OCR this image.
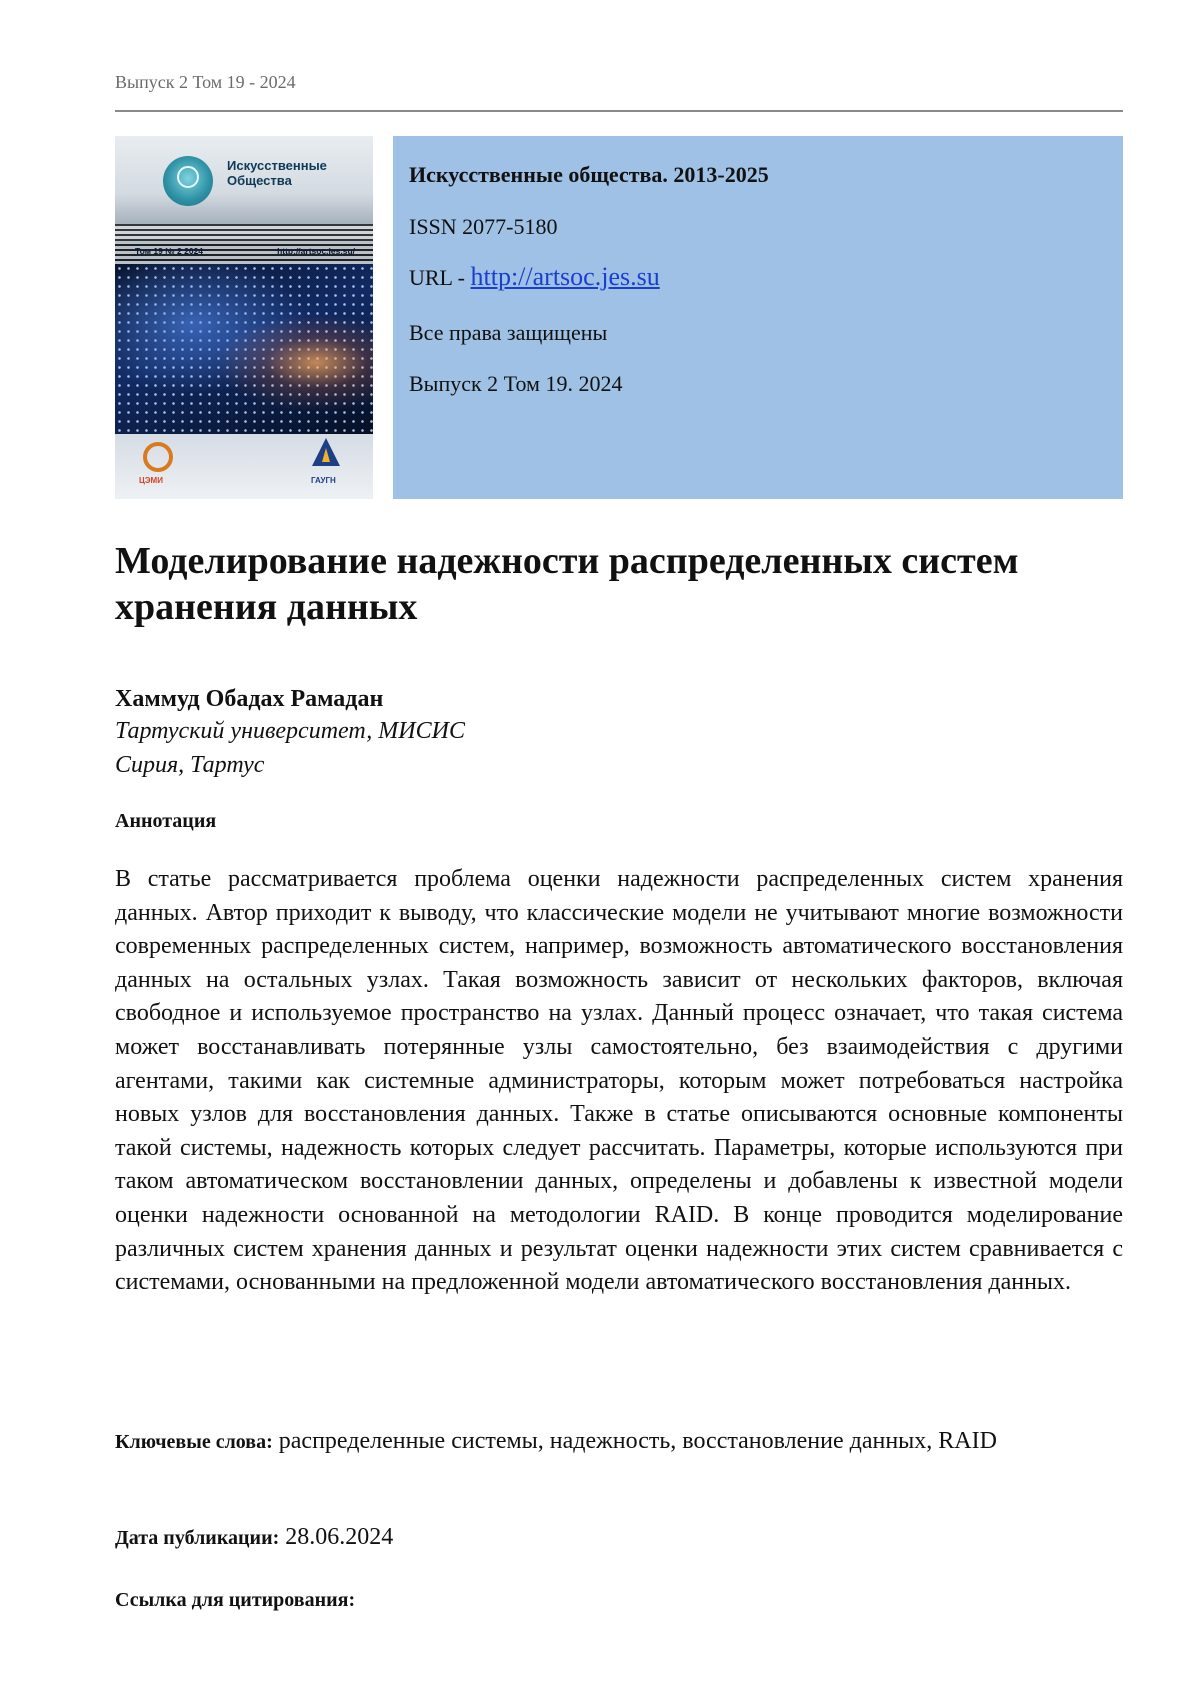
Выпуск 2 Том 19 - 2024
Искусственные
Общества
Том 19 № 2 2024	http://artsoc.jes.su/
ЦЭМИ	ГАУГН
Искусственные общества. 2013-2025
ISSN 2077-5180
URL - http://artsoc.jes.su
Все права защищены
Выпуск 2 Том 19. 2024
Моделирование надежности распределенных систем хранения данных
Хаммуд Обадах Рамадан
Тартуский университет, МИСИС
Сирия, Тартус
Аннотация

В статье рассматривается проблема оценки надежности распределенных систем хранения данных. Автор приходит к выводу, что классические модели не учитывают многие возможности современных распределенных систем, например, возможность автоматического восстановления данных на остальных узлах. Такая возможность зависит от нескольких факторов, включая свободное и используемое пространство на узлах. Данный процесс означает, что такая система может восстанавливать потерянные узлы самостоятельно, без взаимодействия с другими агентами, такими как системные администраторы, которым может потребоваться настройка новых узлов для восстановления данных. Также в статье описываются основные компоненты такой системы, надежность которых следует рассчитать. Параметры, которые используются при таком автоматическом восстановлении данных, определены и добавлены к известной модели оценки надежности основанной на методологии RAID. В конце проводится моделирование различных систем хранения данных и результат оценки надежности этих систем сравнивается с системами, основанными на предложенной модели автоматического восстановления данных.

Ключевые слова: распределенные системы, надежность, восстановление данных, RAID
Дата публикации: 28.06.2024
Ссылка для цитирования:
